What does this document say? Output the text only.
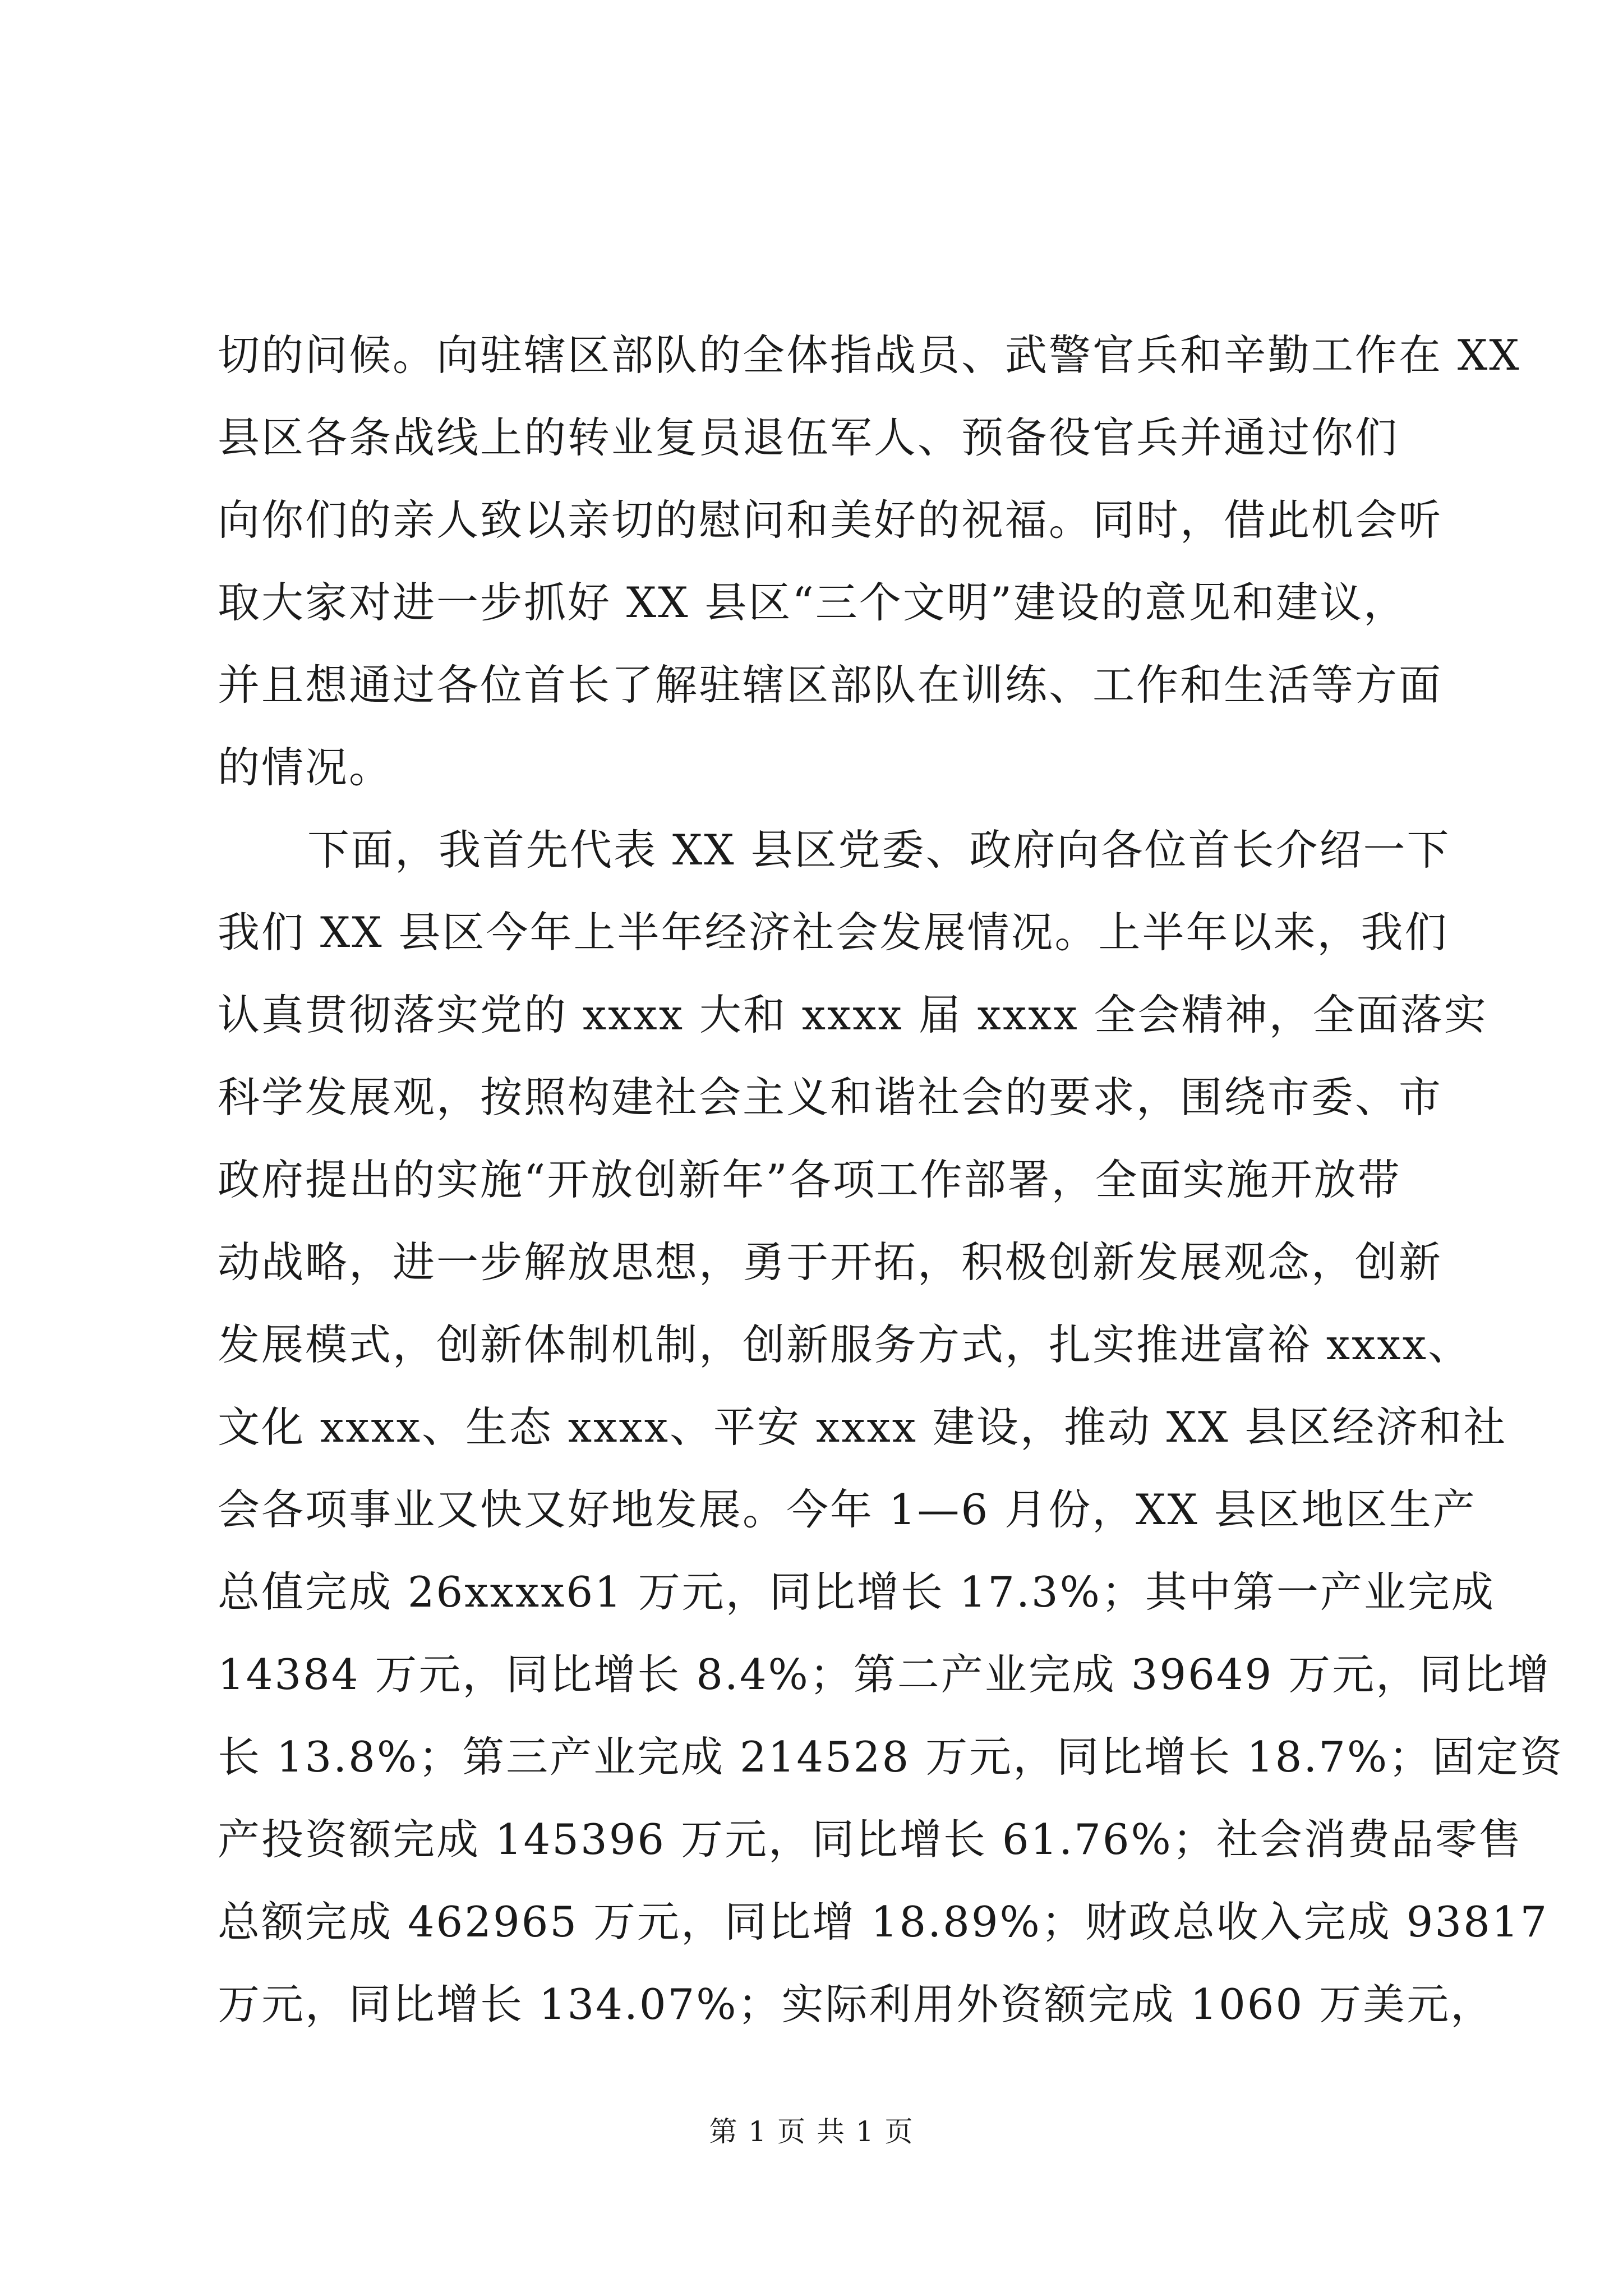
切的问候。向驻辖区部队的全体指战员、武警官兵和辛勤工作在 XX
县区各条战线上的转业复员退伍军人、预备役官兵并通过你们
向你们的亲人致以亲切的慰问和美好的祝福。同时，借此机会听
取大家对进一步抓好 XX 县区“三个文明”建设的意见和建议，
并且想通过各位首长了解驻辖区部队在训练、工作和生活等方面
的情况。
下面，我首先代表 XX 县区党委、政府向各位首长介绍一下
我们 XX 县区今年上半年经济社会发展情况。上半年以来，我们
认真贯彻落实党的 xxxx 大和 xxxx 届 xxxx 全会精神，全面落实
科学发展观，按照构建社会主义和谐社会的要求，围绕市委、市
政府提出的实施“开放创新年”各项工作部署，全面实施开放带
动战略，进一步解放思想，勇于开拓，积极创新发展观念，创新
发展模式，创新体制机制，创新服务方式，扎实推进富裕 xxxx、
文化 xxxx、生态 xxxx、平安 xxxx 建设，推动 XX 县区经济和社
会各项事业又快又好地发展。今年 1—6 月份，XX 县区地区生产
总值完成 26xxxx61 万元，同比增长 17.3%；其中第一产业完成
14384 万元，同比增长 8.4%；第二产业完成 39649 万元，同比增
长 13.8%；第三产业完成 214528 万元，同比增长 18.7%；固定资
产投资额完成 145396 万元，同比增长 61.76%；社会消费品零售
总额完成 462965 万元，同比增 18.89%；财政总收入完成 93817
万元，同比增长 134.07%；实际利用外资额完成 1060 万美元，
第 1 页 共 1 页
